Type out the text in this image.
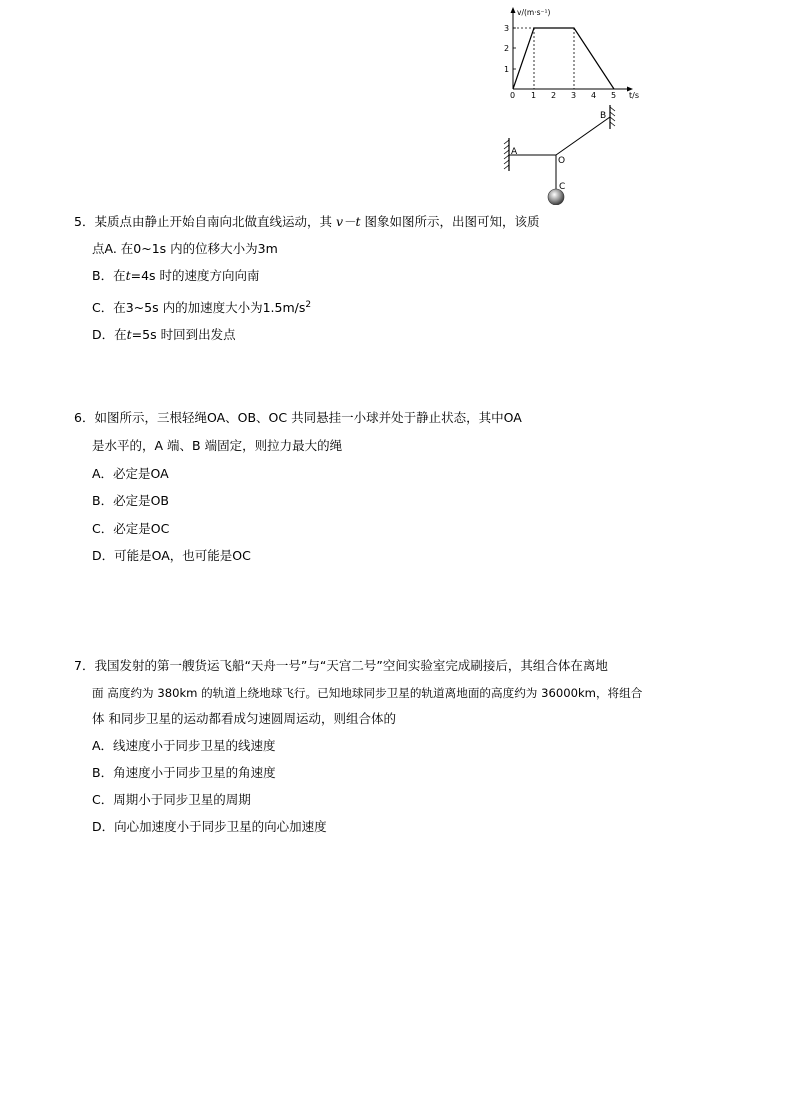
v/(m·s⁻¹)
t/s
3
2
1
0 1 2 3 4 5
A
B
O
C
5．某质点由静止开始自南向北做直线运动，其 v－t 图象如图所示，出图可知，该质
点A. 在0~1s 内的位移大小为3m
B．在t=4s 时的速度方向向南
C．在3~5s 内的加速度大小为$1.5m/s^2$
D．在t=5s 时回到出发点
6．如图所示，三根轻绳OA、OB、OC 共同悬挂一小球并处于静止状态，其中OA
是水平的，A 端、B 端固定，则拉力最大的绳
A．必定是OA
B．必定是OB
C．必定是OC
D．可能是OA，也可能是OC
7．我国发射的第一艘货运飞船“天舟一号”与“天宫二号”空间实验室完成刷接后，其组合体在离地
面 高度约为 380km 的轨道上绕地球飞行。已知地球同步卫星的轨道离地面的高度约为 36000km，将组合
体 和同步卫星的运动都看成匀速圆周运动，则组合体的
A．线速度小于同步卫星的线速度
B．角速度小于同步卫星的角速度
C．周期小于同步卫星的周期
D．向心加速度小于同步卫星的向心加速度
